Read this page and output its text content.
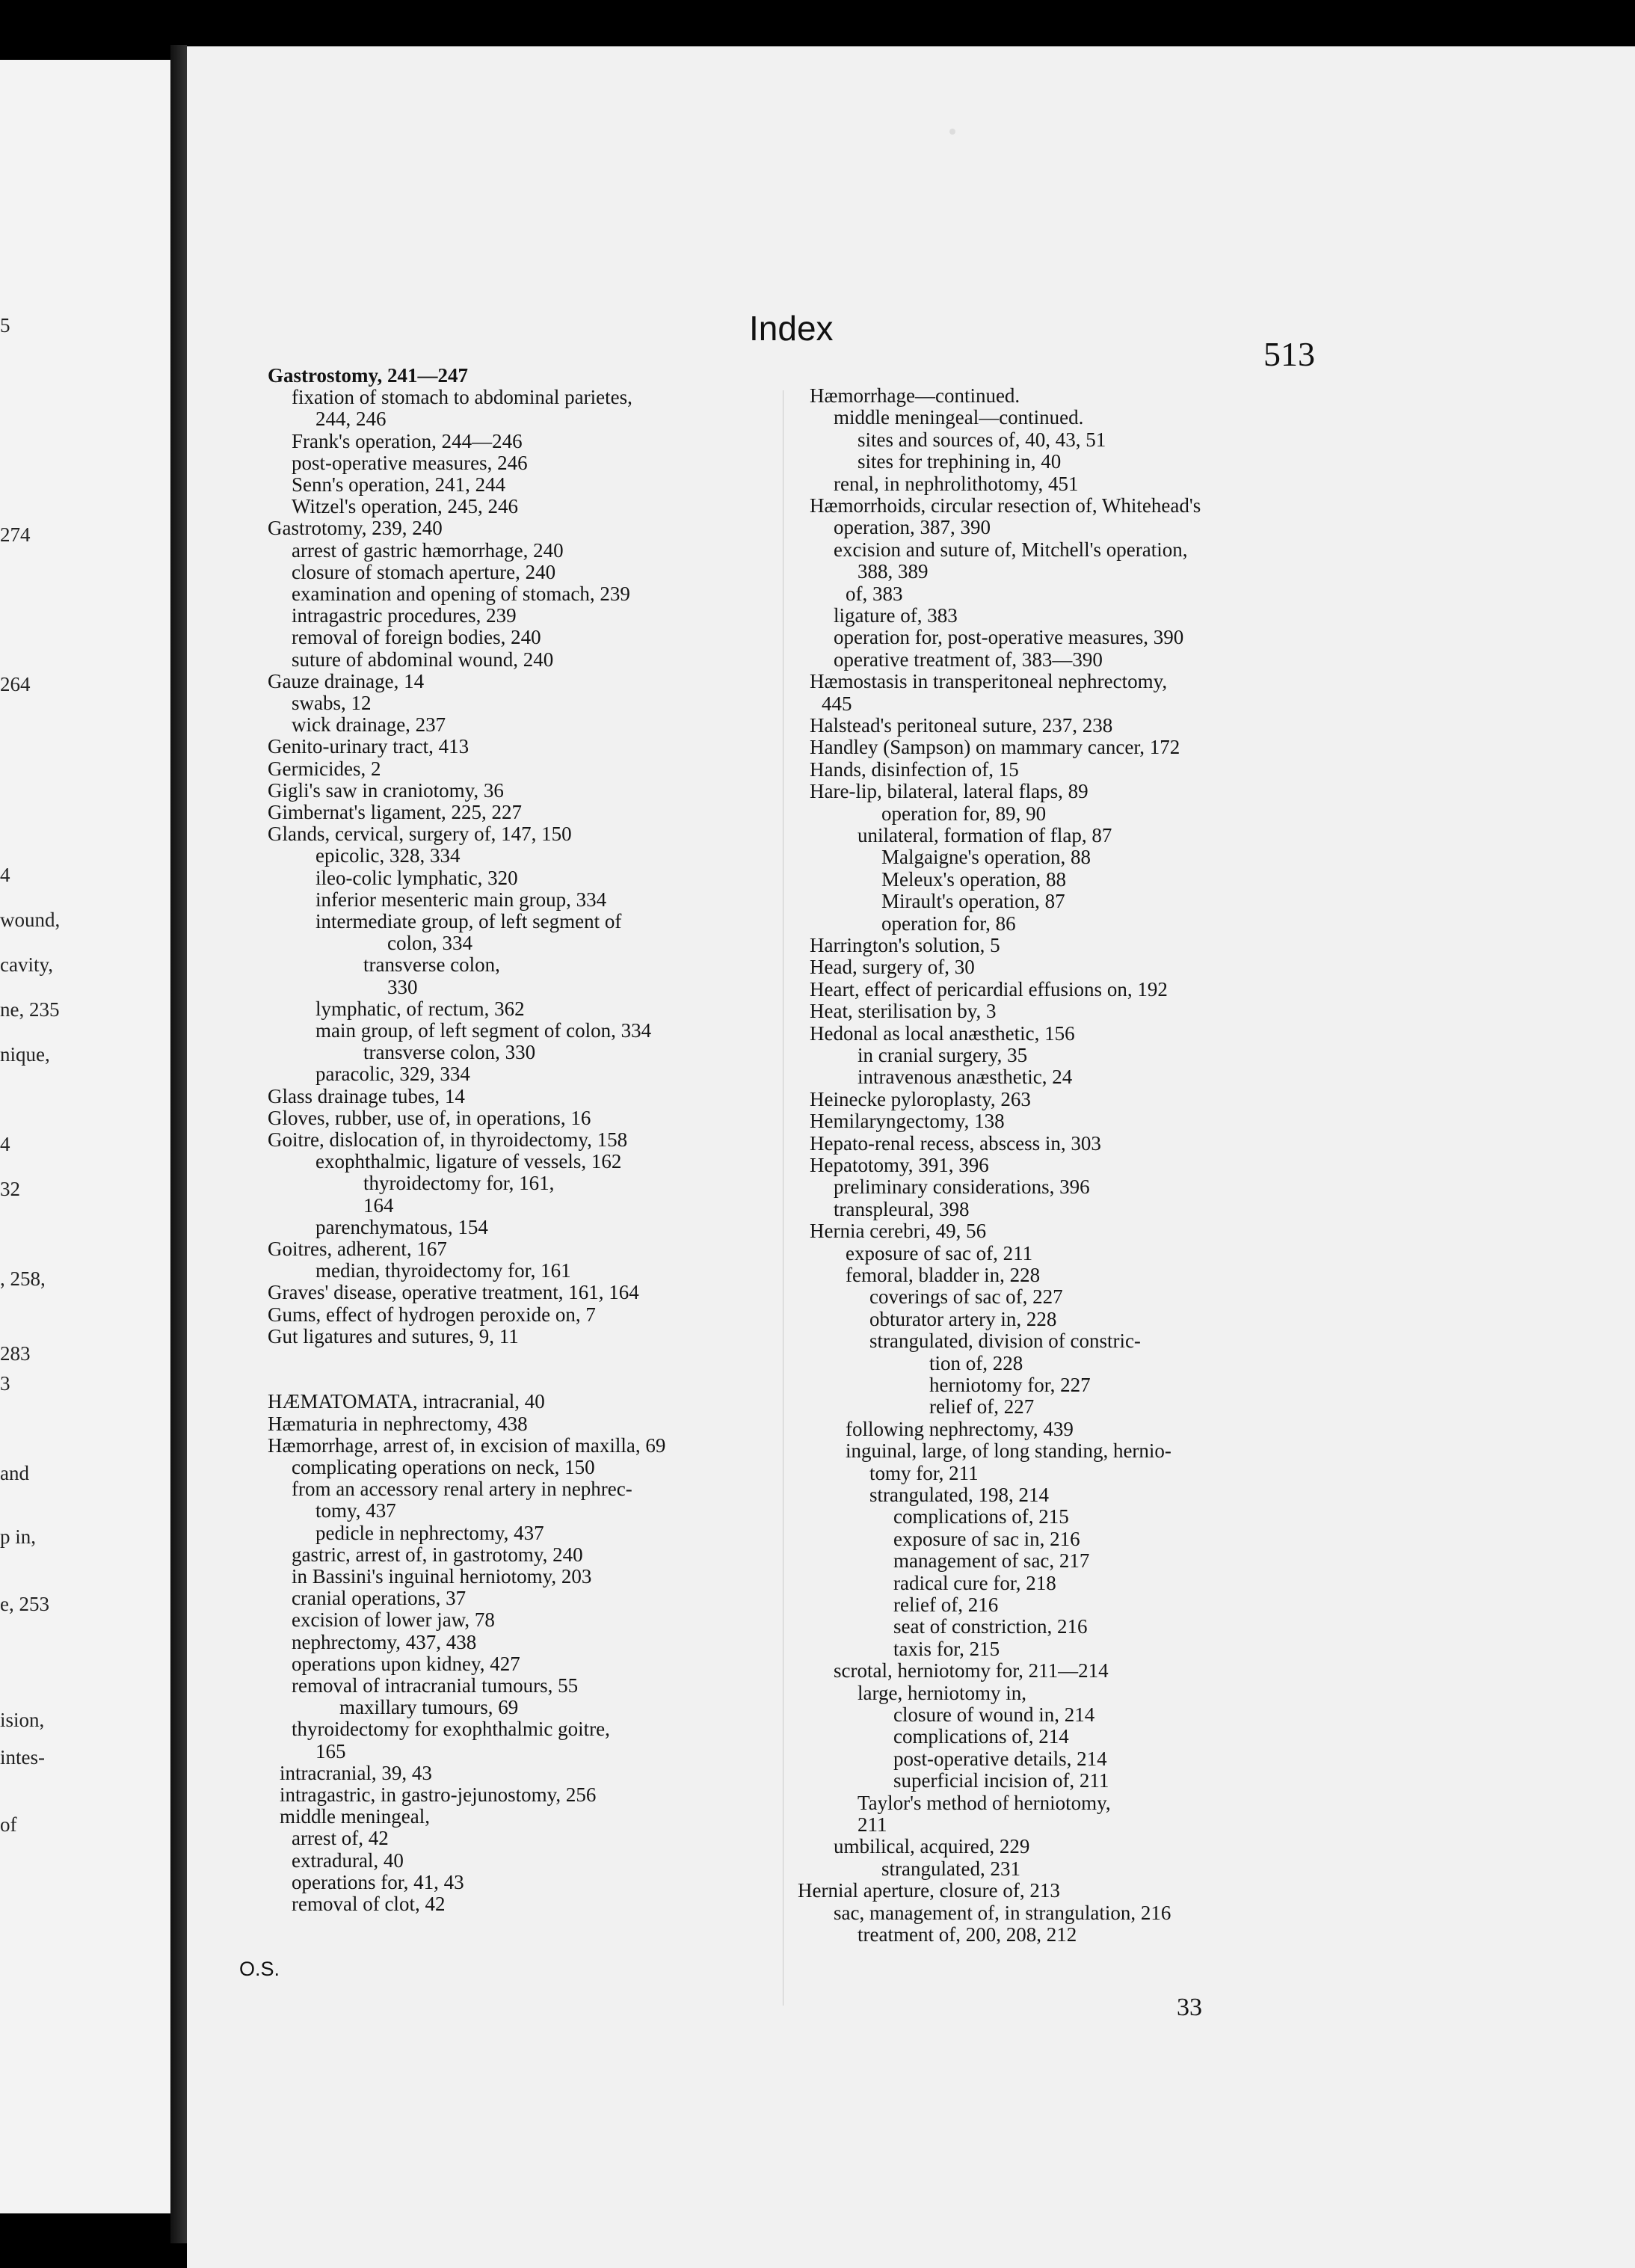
5
274
264
4
wound,
cavity,
ne, 235
nique,
4
32
, 258,
283
3
and
p in,
e, 253
ision,
intes-
of
Index
513
Gastrostomy, 241—247
fixation of stomach to abdominal parietes,
244, 246
Frank's operation, 244—246
post-operative measures, 246
Senn's operation, 241, 244
Witzel's operation, 245, 246
Gastrotomy, 239, 240
arrest of gastric hæmorrhage, 240
closure of stomach aperture, 240
examination and opening of stomach, 239
intragastric procedures, 239
removal of foreign bodies, 240
suture of abdominal wound, 240
Gauze drainage, 14
swabs, 12
wick drainage, 237
Genito-urinary tract, 413
Germicides, 2
Gigli's saw in craniotomy, 36
Gimbernat's ligament, 225, 227
Glands, cervical, surgery of, 147, 150
epicolic, 328, 334
ileo-colic lymphatic, 320
inferior mesenteric main group, 334
intermediate group, of left segment of
colon, 334
transverse colon,
330
lymphatic, of rectum, 362
main group, of left segment of colon, 334
transverse colon, 330
paracolic, 329, 334
Glass drainage tubes, 14
Gloves, rubber, use of, in operations, 16
Goitre, dislocation of, in thyroidectomy, 158
exophthalmic, ligature of vessels, 162
thyroidectomy for, 161,
164
parenchymatous, 154
Goitres, adherent, 167
median, thyroidectomy for, 161
Graves' disease, operative treatment, 161, 164
Gums, effect of hydrogen peroxide on, 7
Gut ligatures and sutures, 9, 11
HÆMATOMATA, intracranial, 40
Hæmaturia in nephrectomy, 438
Hæmorrhage, arrest of, in excision of maxilla, 69
complicating operations on neck, 150
from an accessory renal artery in nephrec-
tomy, 437
pedicle in nephrectomy, 437
gastric, arrest of, in gastrotomy, 240
in Bassini's inguinal herniotomy, 203
cranial operations, 37
excision of lower jaw, 78
nephrectomy, 437, 438
operations upon kidney, 427
removal of intracranial tumours, 55
maxillary tumours, 69
thyroidectomy for exophthalmic goitre,
165
intracranial, 39, 43
intragastric, in gastro-jejunostomy, 256
middle meningeal,
arrest of, 42
extradural, 40
operations for, 41, 43
removal of clot, 42
Hæmorrhage—continued.
middle meningeal—continued.
sites and sources of, 40, 43, 51
sites for trephining in, 40
renal, in nephrolithotomy, 451
Hæmorrhoids, circular resection of, Whitehead's
operation, 387, 390
excision and suture of, Mitchell's operation,
388, 389
of, 383
ligature of, 383
operation for, post-operative measures, 390
operative treatment of, 383—390
Hæmostasis in transperitoneal nephrectomy,
445
Halstead's peritoneal suture, 237, 238
Handley (Sampson) on mammary cancer, 172
Hands, disinfection of, 15
Hare-lip, bilateral, lateral flaps, 89
operation for, 89, 90
unilateral, formation of flap, 87
Malgaigne's operation, 88
Meleux's operation, 88
Mirault's operation, 87
operation for, 86
Harrington's solution, 5
Head, surgery of, 30
Heart, effect of pericardial effusions on, 192
Heat, sterilisation by, 3
Hedonal as local anæsthetic, 156
in cranial surgery, 35
intravenous anæsthetic, 24
Heinecke pyloroplasty, 263
Hemilaryngectomy, 138
Hepato-renal recess, abscess in, 303
Hepatotomy, 391, 396
preliminary considerations, 396
transpleural, 398
Hernia cerebri, 49, 56
exposure of sac of, 211
femoral, bladder in, 228
coverings of sac of, 227
obturator artery in, 228
strangulated, division of constric-
tion of, 228
herniotomy for, 227
relief of, 227
following nephrectomy, 439
inguinal, large, of long standing, hernio-
tomy for, 211
strangulated, 198, 214
complications of, 215
exposure of sac in, 216
management of sac, 217
radical cure for, 218
relief of, 216
seat of constriction, 216
taxis for, 215
scrotal, herniotomy for, 211—214
large, herniotomy in,
closure of wound in, 214
complications of, 214
post-operative details, 214
superficial incision of, 211
Taylor's method of herniotomy,
211
umbilical, acquired, 229
strangulated, 231
Hernial aperture, closure of, 213
sac, management of, in strangulation, 216
treatment of, 200, 208, 212
O.S.
33
